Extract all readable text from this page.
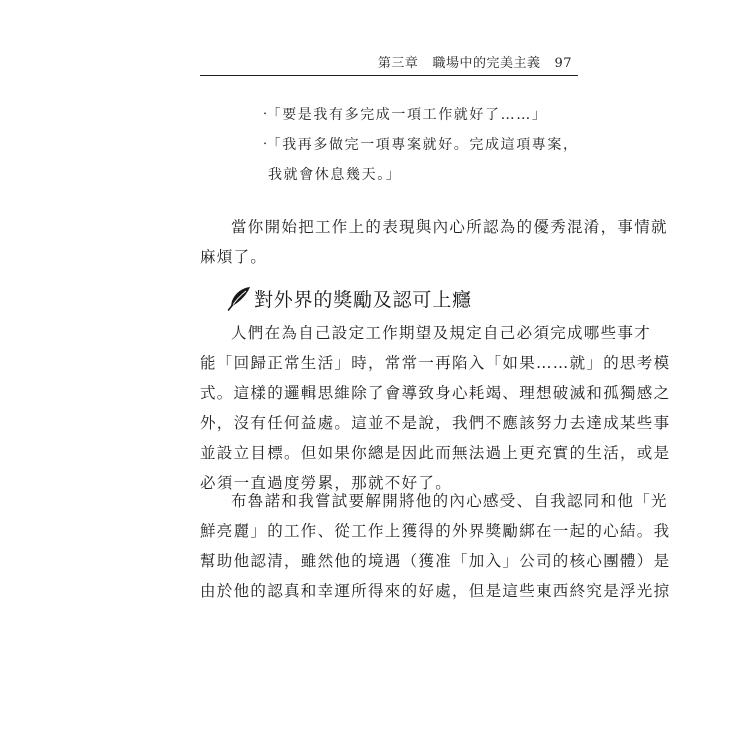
第三章 職場中的完美主義 97
‧「要是我有多完成一項工作就好了……」
‧「我再多做完一項專案就好。完成這項專案，
我就會休息幾天。」
當你開始把工作上的表現與內心所認為的優秀混淆，事情就
麻煩了。
對外界的獎勵及認可上癮
人們在為自己設定工作期望及規定自己必須完成哪些事才
能「回歸正常生活」時，常常一再陷入「如果……就」的思考模
式。這樣的邏輯思維除了會導致身心耗竭、理想破滅和孤獨感之
外，沒有任何益處。這並不是說，我們不應該努力去達成某些事
並設立目標。但如果你總是因此而無法過上更充實的生活，或是
必須一直過度勞累，那就不好了。
布魯諾和我嘗試要解開將他的內心感受、自我認同和他「光
鮮亮麗」的工作、從工作上獲得的外界獎勵綁在一起的心結。我
幫助他認清，雖然他的境遇（獲准「加入」公司的核心團體）是
由於他的認真和幸運所得來的好處，但是這些東西終究是浮光掠
